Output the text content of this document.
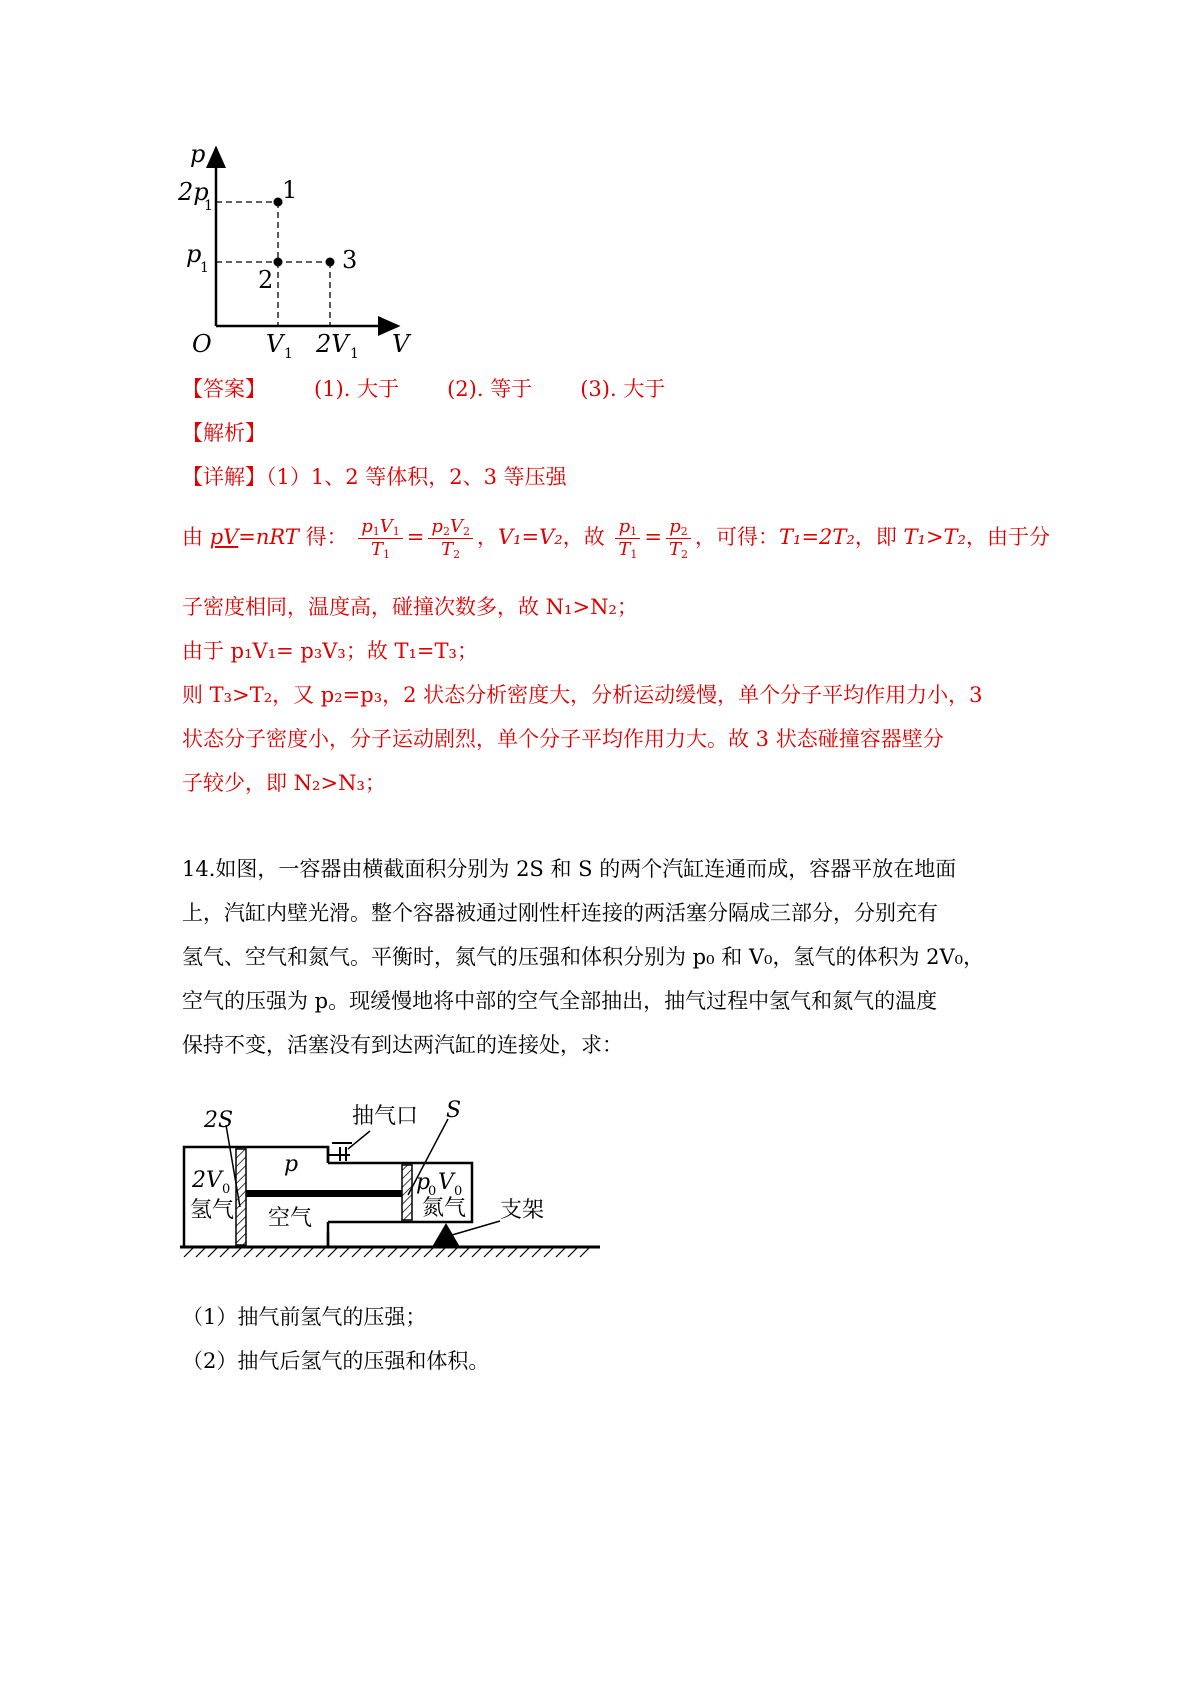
p
V
O
2p
1
p
1
V 1 2V 1
1
2
3
【答案】 (1). 大于 (2). 等于 (3). 大于
【解析】
【详解】（1）1、2 等体积，2、3 等压强
由 pV=nRT 得： $\frac{p_1V_1}{T_1} = \frac{p_2V_2}{T_2}$ ，V₁=V₂，故 $\frac{p_1}{T_1} = \frac{p_2}{T_2}$ ，可得：T₁=2T₂，即 T₁>T₂，由于分
子密度相同，温度高，碰撞次数多，故 N₁>N₂；
由于 p₁V₁= p₃V₃；故 T₁=T₃；
则 T₃>T₂，又 p₂=p₃，2 状态分析密度大，分析运动缓慢，单个分子平均作用力小，3
状态分子密度小，分子运动剧烈，单个分子平均作用力大。故 3 状态碰撞容器壁分
子较少，即 N₂>N₃；
14.如图，一容器由横截面积分别为 2S 和 S 的两个汽缸连通而成，容器平放在地面
上，汽缸内壁光滑。整个容器被通过刚性杆连接的两活塞分隔成三部分，分别充有
氢气、空气和氮气。平衡时，氮气的压强和体积分别为 p₀ 和 V₀，氢气的体积为 2V₀，
空气的压强为 p。现缓慢地将中部的空气全部抽出，抽气过程中氢气和氮气的温度
保持不变，活塞没有到达两汽缸的连接处，求：
2S	S
抽气口
p
2V 0
氢气 空气
p
0 V 0
氮气 支架
（1）抽气前氢气的压强；
（2）抽气后氢气的压强和体积。
